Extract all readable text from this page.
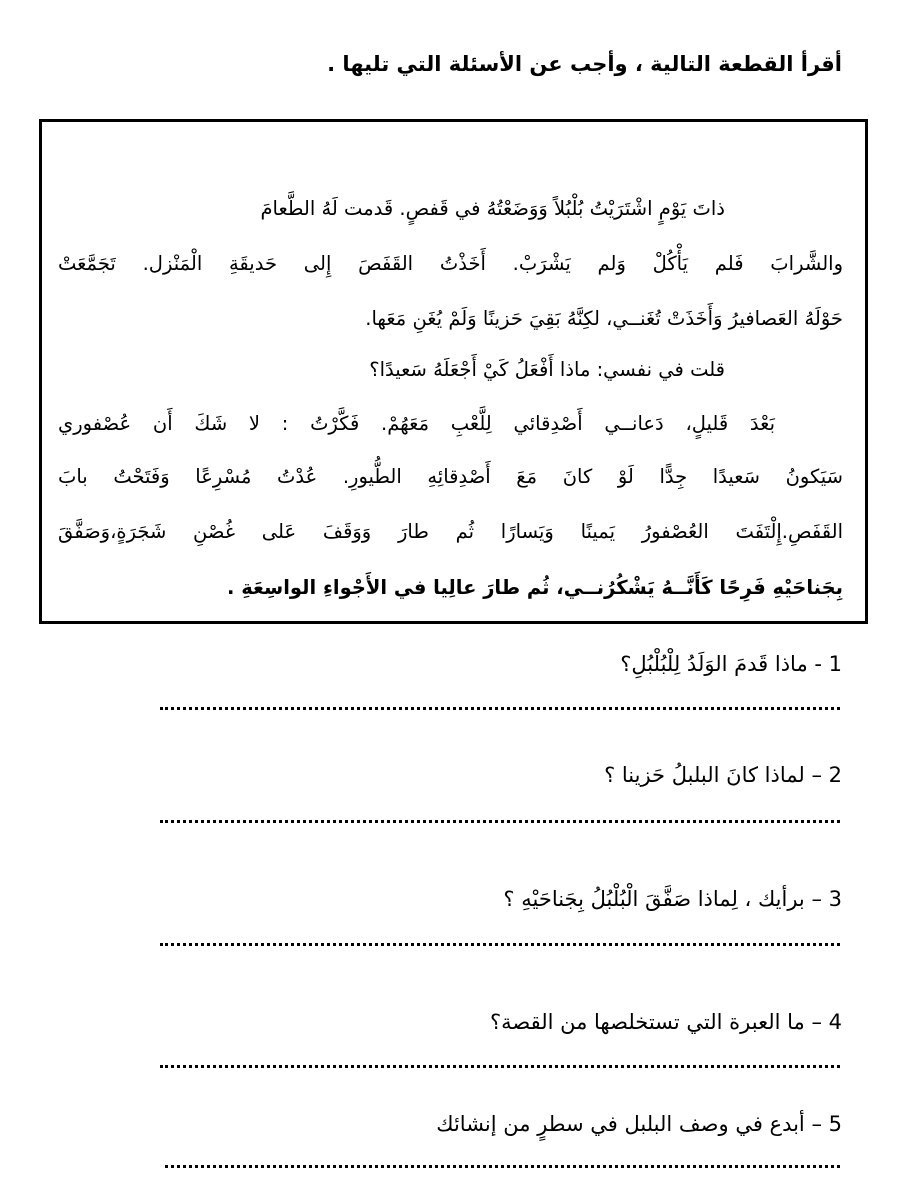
أقرأ القطعة التالية ، وأجب عن الأسئلة التي تليها .
ذاتَ يَوْمٍ اشْتَرَيْتُ بُلْبُلاً وَوَضَعْتُهُ في قَفصٍ. قَدمت لَهُ الطَّعامَ
والشَّرابَ فَلم يَأْكُلْ وَلم يَشْرَبْ. أَخَذْتُ القَفَصَ إِلى حَديقَةِ الْمَنْزل. تَجَمَّعَتْ
حَوْلَهُ العَصافيرُ وَأَخَذَتْ تُغَنــي، لكِنَّهُ بَقِيَ حَزينًا وَلَمْ يُغَنِ مَعَها.
قلت في نفسي: ماذا أَفْعَلُ كَيْ أَجْعَلَهُ سَعيدًا؟
بَعْدَ قَليلٍ، دَعانــي أَصْدِقائي لِلَّعْبِ مَعَهُمْ. فَكَّرْتُ : لا شَكَ أَن عُصْفوري
سَيَكونُ سَعيدًا جِدًّا لَوْ كانَ مَعَ أَصْدِقائِهِ الطُّيورِ. عُدْتُ مُسْرِعًا وَفَتَحْتُ بابَ
القَفَصِ.إِلْتَفَتَ العُصْفورُ يَمينًا وَيَسارًا ثُم طارَ وَوَقَفَ عَلى غُصْنِ شَجَرَةٍ،وَصَفَّقَ
بِجَناحَيْهِ فَرِحًا كَأَنَّــهُ يَشْكُرُنــي، ثُم طارَ عالِيا في الأَجْواءِ الواسِعَةِ .
1 - ماذا قَدمَ الوَلَدُ لِلْبُلْبُلِ؟
2 – لماذا كانَ البلبلُ حَزينا ؟
3 – برأيك ، لِماذا صَفَّقَ الْبُلْبُلُ بِجَناحَيْهِ ؟
4 – ما العبرة التي تستخلصها من القصة؟
5 – أبدع في وصف البلبل في سطرٍ من إنشائك
